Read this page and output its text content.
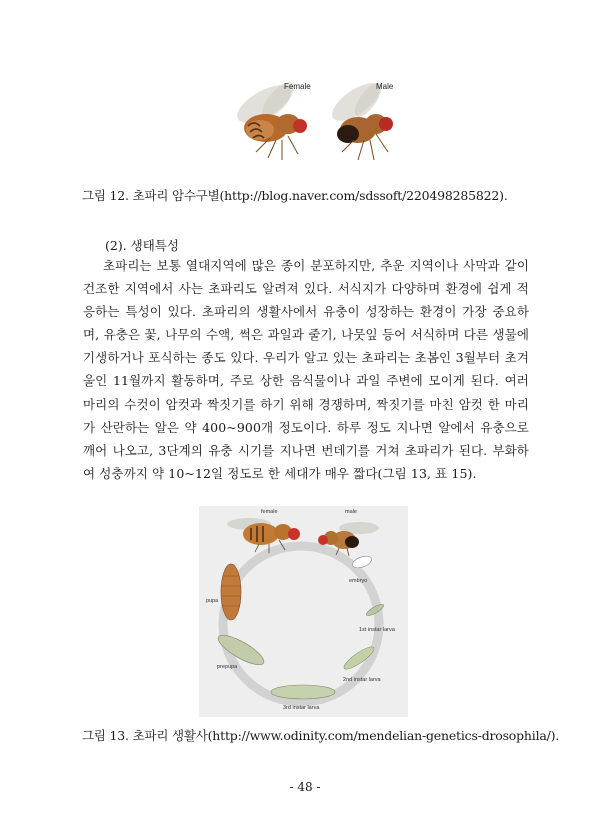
Female	Male
그림 12. 초파리 암수구별(http://blog.naver.com/sdssoft/220498285822).
(2). 생태특성
초파리는 보통 열대지역에 많은 종이 분포하지만, 추운 지역이나 사막과 같이 건조한 지역에서 사는 초파리도 알려져 있다. 서식지가 다양하며 환경에 쉽게 적응하는 특성이 있다. 초파리의 생활사에서 유충이 성장하는 환경이 가장 중요하며, 유충은 꽃, 나무의 수액, 썩은 과일과 줄기, 나뭇잎 등어 서식하며 다른 생물에 기생하거나 포식하는 종도 있다. 우리가 알고 있는 초파리는 초봄인 3월부터 초겨울인 11월까지 활동하며, 주로 상한 음식물이나 과일 주변에 모이게 된다. 여러 마리의 수컷이 암컷과 짝짓기를 하기 위해 경쟁하며, 짝짓기를 마친 암컷 한 마리가 산란하는 알은 약 400~900개 정도이다. 하루 정도 지나면 알에서 유충으로 깨어 나오고, 3단계의 유충 시기를 지나면 번데기를 거쳐 초파리가 된다. 부화하여 성충까지 약 10~12일 정도로 한 세대가 매우 짧다(그림 13, 표 15).
female	male
embryo
pupa
1st instar larva
prepupa
2nd instar larva
3rd instar larva
그림 13. 초파리 생활사(http://www.odinity.com/mendelian-genetics-drosophila/).
- 48 -
